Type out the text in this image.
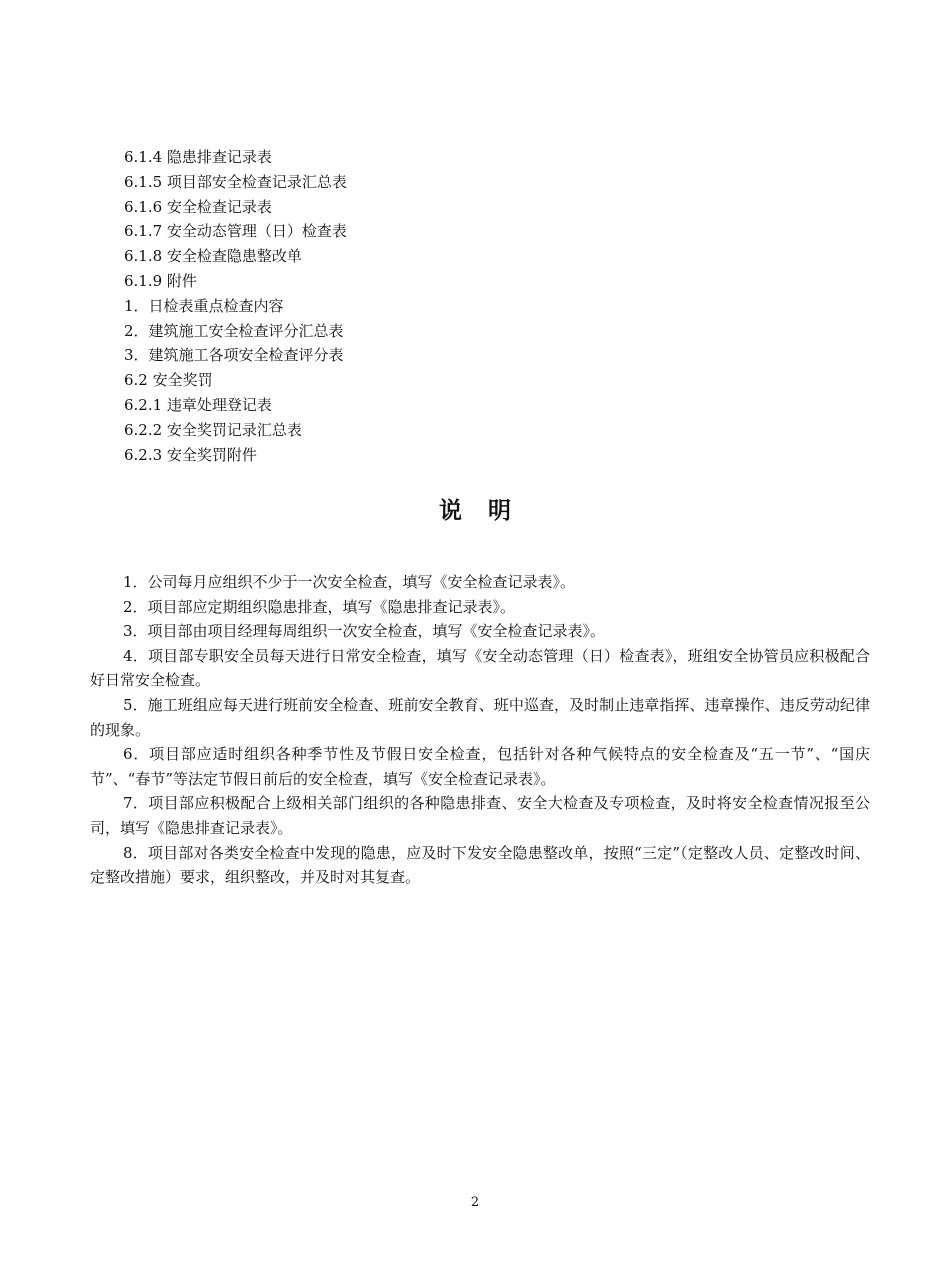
6.1.4 隐患排查记录表
6.1.5 项目部安全检查记录汇总表
6.1.6 安全检查记录表
6.1.7 安全动态管理（日）检查表
6.1.8 安全检查隐患整改单
6.1.9 附件
1．日检表重点检查内容
2．建筑施工安全检查评分汇总表
3．建筑施工各项安全检查评分表
6.2 安全奖罚
6.2.1 违章处理登记表
6.2.2 安全奖罚记录汇总表
6.2.3 安全奖罚附件
说明

1．公司每月应组织不少于一次安全检查，填写《安全检查记录表》。

2．项目部应定期组织隐患排查，填写《隐患排查记录表》。

3．项目部由项目经理每周组织一次安全检查，填写《安全检查记录表》。

4．项目部专职安全员每天进行日常安全检查，填写《安全动态管理（日）检查表》，班组安全协管员应积极配合好日常安全检查。

5．施工班组应每天进行班前安全检查、班前安全教育、班中巡查，及时制止违章指挥、违章操作、违反劳动纪律的现象。

6．项目部应适时组织各种季节性及节假日安全检查，包括针对各种气候特点的安全检查及“五一节”、“国庆节”、“春节”等法定节假日前后的安全检查，填写《安全检查记录表》。

7．项目部应积极配合上级相关部门组织的各种隐患排查、安全大检查及专项检查，及时将安全检查情况报至公司，填写《隐患排查记录表》。

8．项目部对各类安全检查中发现的隐患，应及时下发安全隐患整改单，按照“三定”（定整改人员、定整改时间、定整改措施）要求，组织整改，并及时对其复查。

2
